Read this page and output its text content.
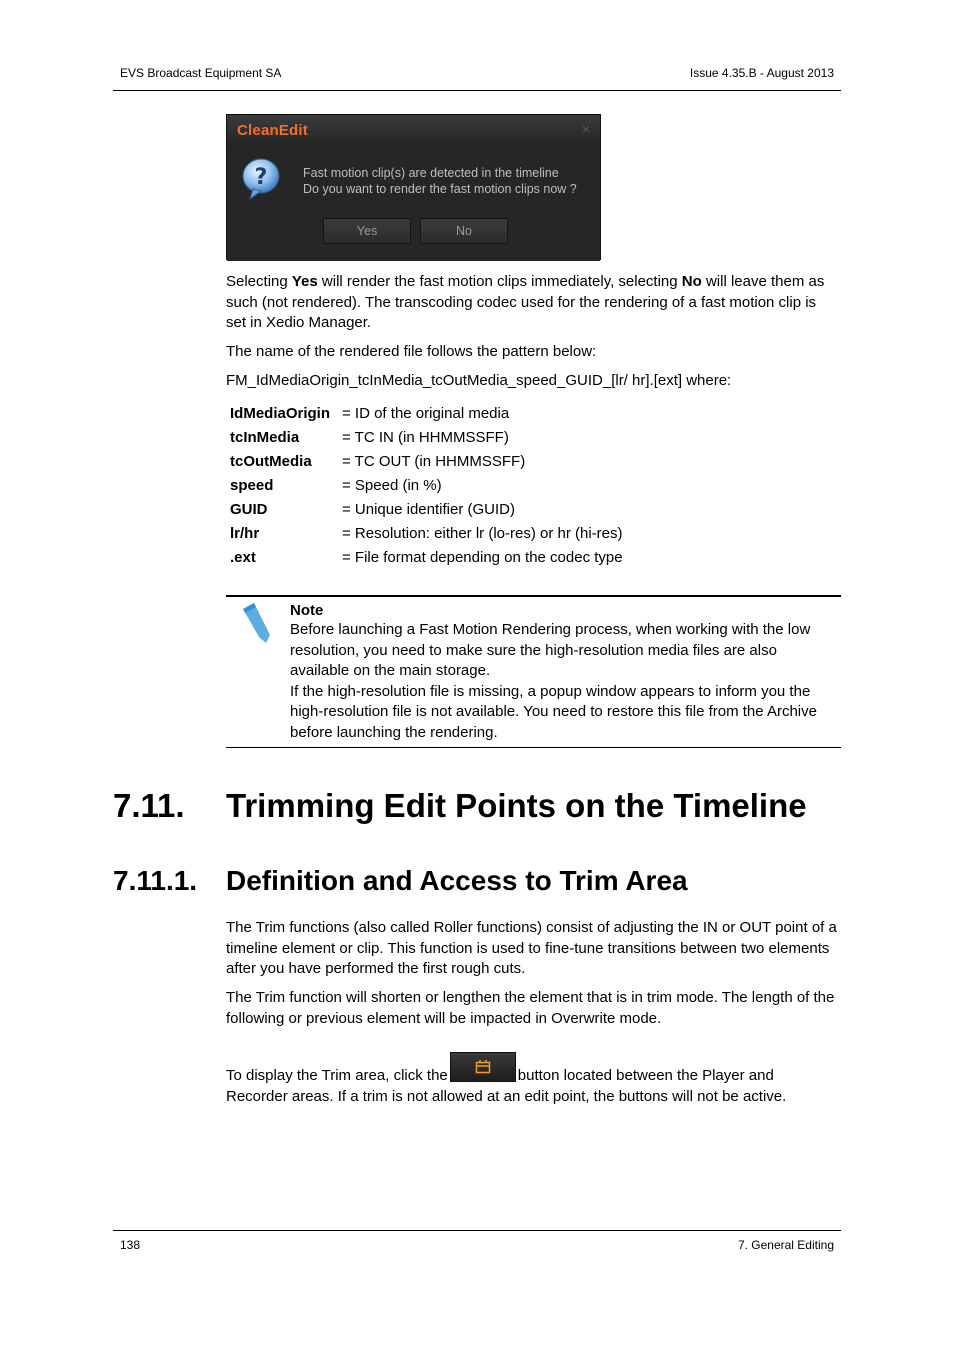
EVS Broadcast Equipment SA	Issue 4.35.B - August 2013
CleanEdit	×
?	Fast motion clip(s) are detected in the timeline
Do you want to render the fast motion clips now ?
Yes	No
Selecting Yes will render the fast motion clips immediately, selecting No will leave them as such (not rendered). The transcoding codec used for the rendering of a fast motion clip is set in Xedio Manager.
The name of the rendered file follows the pattern below:
FM_IdMediaOrigin_tcInMedia_tcOutMedia_speed_GUID_[lr/ hr].[ext] where:
IdMediaOrigin	= ID of the original media
tcInMedia	= TC IN (in HHMMSSFF)
tcOutMedia	= TC OUT (in HHMMSSFF)
speed	= Speed (in %)
GUID	= Unique identifier (GUID)
lr/hr	= Resolution: either lr (lo-res) or hr (hi-res)
.ext	= File format depending on the codec type
Note
Before launching a Fast Motion Rendering process, when working with the low resolution, you need to make sure the high-resolution media files are also available on the main storage.
If the high-resolution file is missing, a popup window appears to inform you the high-resolution file is not available. You need to restore this file from the Archive before launching the rendering.
7.11. Trimming Edit Points on the Timeline
7.11.1. Definition and Access to Trim Area
The Trim functions (also called Roller functions) consist of adjusting the IN or OUT point of a timeline element or clip. This function is used to fine-tune transitions between two elements after you have performed the first rough cuts.
The Trim function will shorten or lengthen the element that is in trim mode. The length of the following or previous element will be impacted in Overwrite mode.
To display the Trim area, click the	button located between the Player and Recorder areas. If a trim is not allowed at an edit point, the buttons will not be active.
138	7. General Editing
